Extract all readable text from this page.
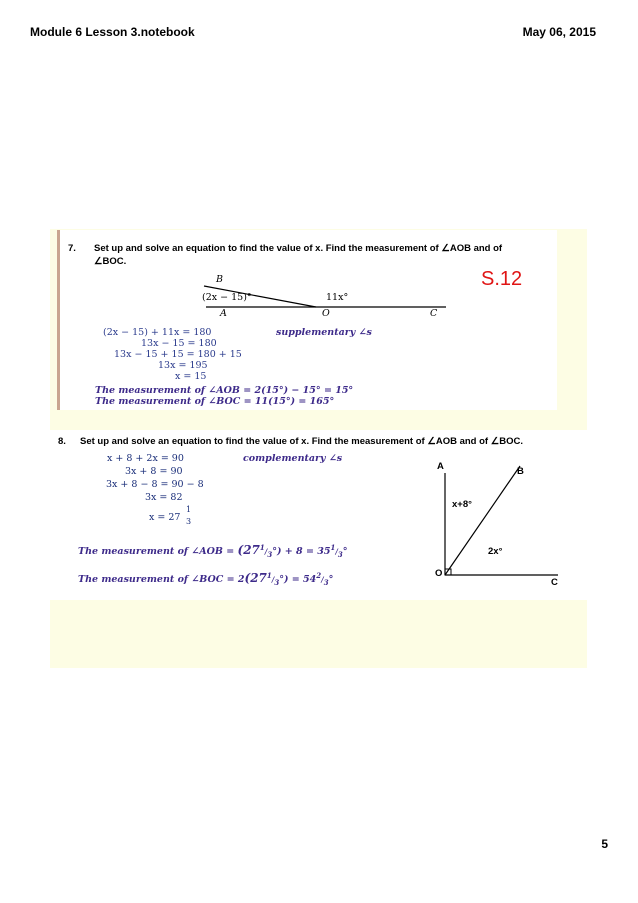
Module 6 Lesson 3.notebook	May 06, 2015
7. Set up and solve an equation to find the value of x. Find the measurement of ∠AOB and of
∠BOC.
B
(2x − 15)°	11x°
A	O	C
S.12
(2x − 15) + 11x = 180
13x − 15 = 180
13x − 15 + 15 = 180 + 15
13x = 195
x = 15
supplementary ∠s
The measurement of ∠AOB = 2(15°) − 15° = 15°
The measurement of ∠BOC = 11(15°) = 165°
8. Set up and solve an equation to find the value of x. Find the measurement of ∠AOB and of ∠BOC.
x + 8 + 2x = 90
3x + 8 = 90
3x + 8 − 8 = 90 − 8
3x = 82
x = 27
1
3
complementary ∠s
The measurement of ∠AOB = $(27^1/_3^\circ) + 8 = 35^1/_3^\circ$
The measurement of ∠BOC = $2(27^1/_3^\circ) = 54^2/_3^\circ$
A	B
x+8°
2x°
O
C
5
